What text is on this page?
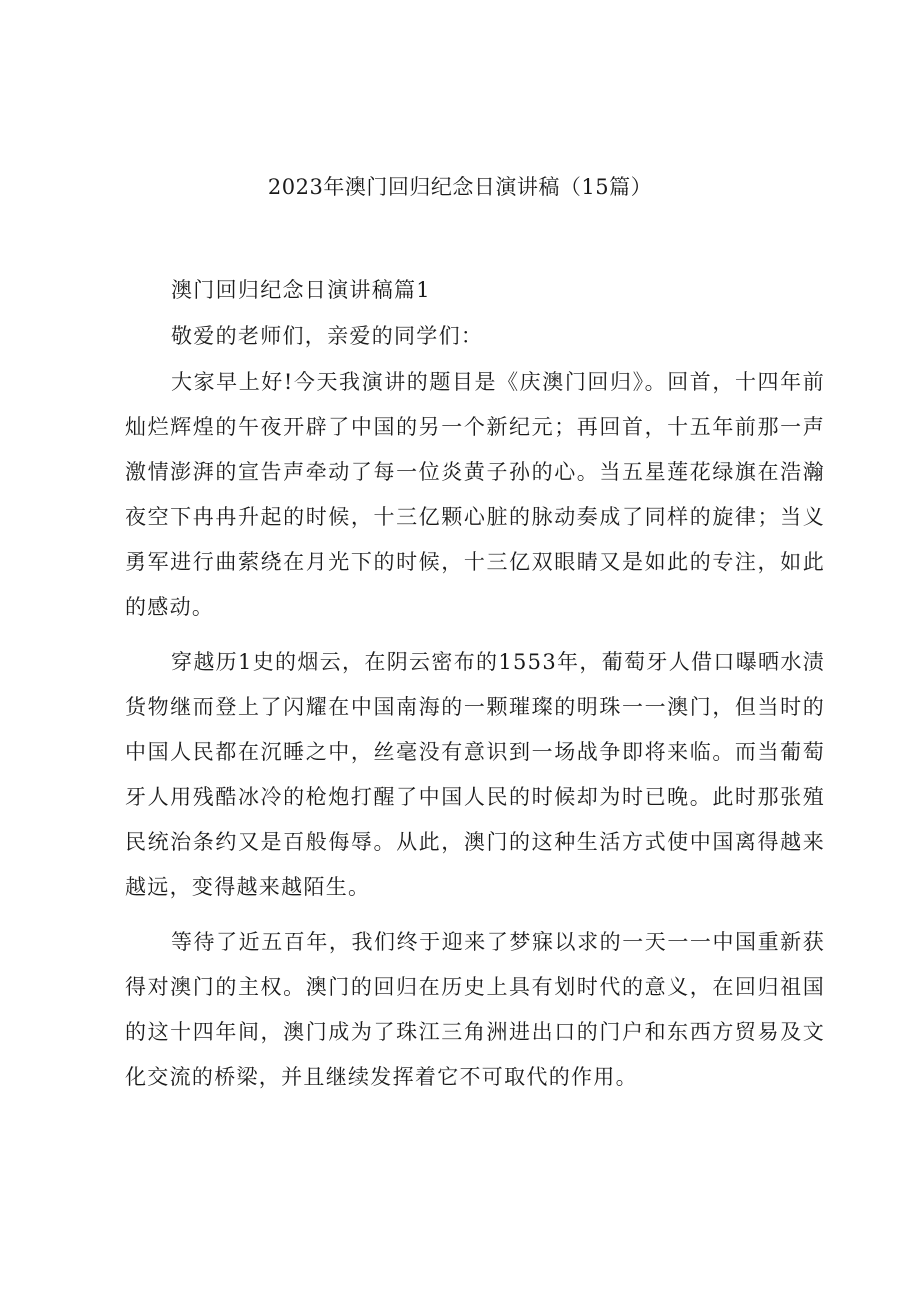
2023年澳门回归纪念日演讲稿（15篇）

澳门回归纪念日演讲稿篇1

敬爱的老师们，亲爱的同学们：

大家早上好!今天我演讲的题目是《庆澳门回归》。回首，十四年前灿烂辉煌的午夜开辟了中国的另一个新纪元；再回首，十五年前那一声激情澎湃的宣告声牵动了每一位炎黄子孙的心。当五星莲花绿旗在浩瀚夜空下冉冉升起的时候，十三亿颗心脏的脉动奏成了同样的旋律；当义勇军进行曲萦绕在月光下的时候，十三亿双眼睛又是如此的专注，如此的感动。

穿越历1史的烟云，在阴云密布的1553年，葡萄牙人借口曝晒水渍货物继而登上了闪耀在中国南海的一颗璀璨的明珠一一澳门，但当时的中国人民都在沉睡之中，丝毫没有意识到一场战争即将来临。而当葡萄牙人用残酷冰冷的枪炮打醒了中国人民的时候却为时已晚。此时那张殖民统治条约又是百般侮辱。从此，澳门的这种生活方式使中国离得越来越远，变得越来越陌生。

等待了近五百年，我们终于迎来了梦寐以求的一天一一中国重新获得对澳门的主权。澳门的回归在历史上具有划时代的意义，在回归祖国的这十四年间，澳门成为了珠江三角洲进出口的门户和东西方贸易及文化交流的桥梁，并且继续发挥着它不可取代的作用。
